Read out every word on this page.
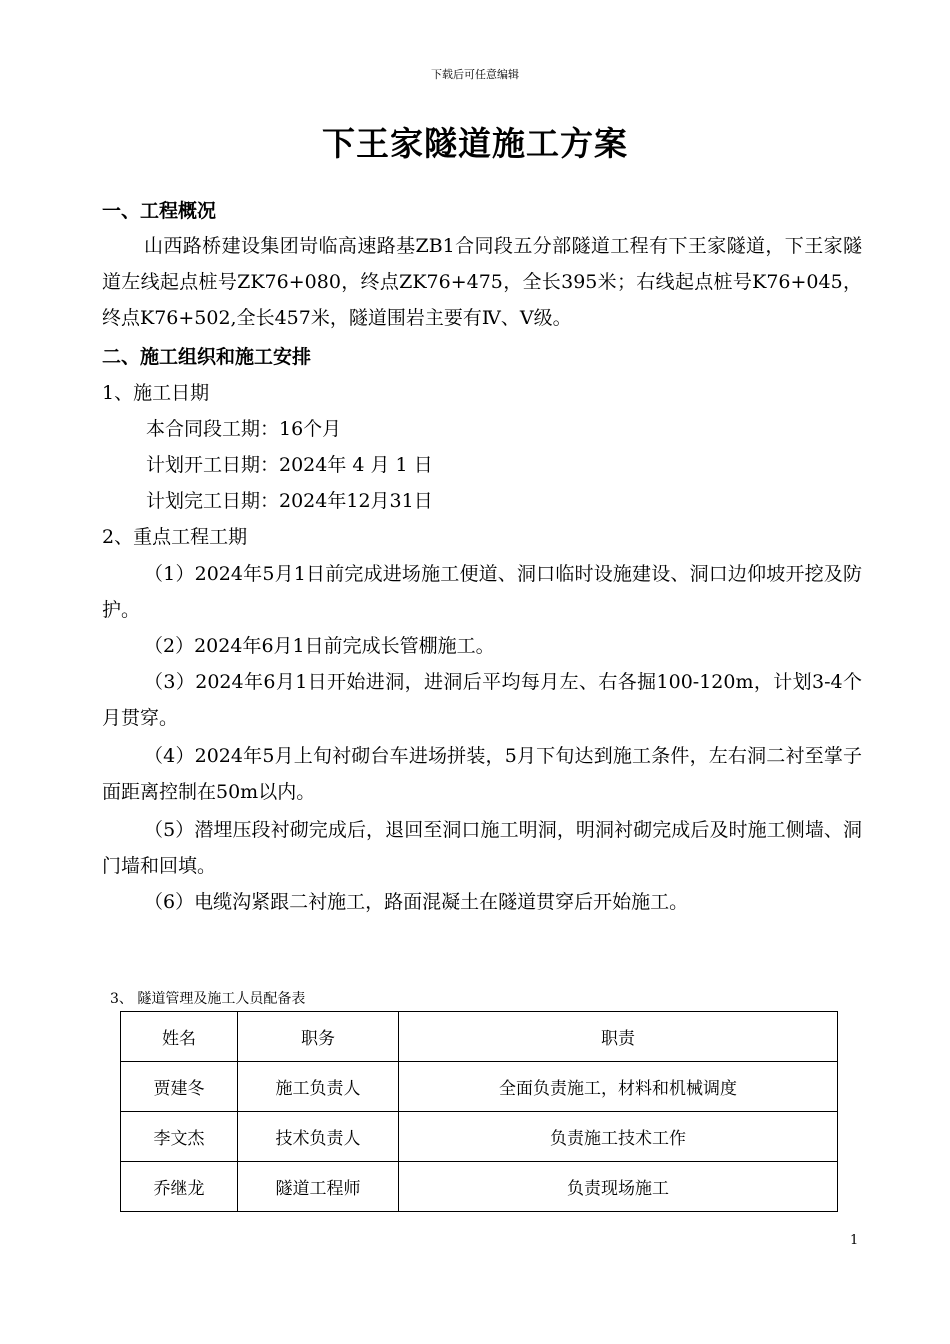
下载后可任意编辑
下王家隧道施工方案
一、工程概况
山西路桥建设集团岢临高速路基ZB1合同段五分部隧道工程有下王家隧道，下王家隧道左线起点桩号ZK76+080，终点ZK76+475，全长395米；右线起点桩号K76+045，终点K76+502,全长457米，隧道围岩主要有Ⅳ、Ⅴ级。
二、施工组织和施工安排
1、施工日期
本合同段工期：16个月
计划开工日期：2024年 4 月 1 日
计划完工日期：2024年12月31日
2、重点工程工期
（1）2024年5月1日前完成进场施工便道、洞口临时设施建设、洞口边仰坡开挖及防护。
（2）2024年6月1日前完成长管棚施工。
（3）2024年6月1日开始进洞，进洞后平均每月左、右各掘100-120m，计划3-4个月贯穿。
（4）2024年5月上旬衬砌台车进场拼装，5月下旬达到施工条件，左右洞二衬至掌子面距离控制在50m以内。
（5）潜埋压段衬砌完成后，退回至洞口施工明洞，明洞衬砌完成后及时施工侧墙、洞门墙和回填。
（6）电缆沟紧跟二衬施工，路面混凝土在隧道贯穿后开始施工。
3、 隧道管理及施工人员配备表
姓名	职务	职责
贾建冬	施工负责人	全面负责施工，材料和机械调度
李文杰	技术负责人	负责施工技术工作
乔继龙	隧道工程师	负责现场施工
1
